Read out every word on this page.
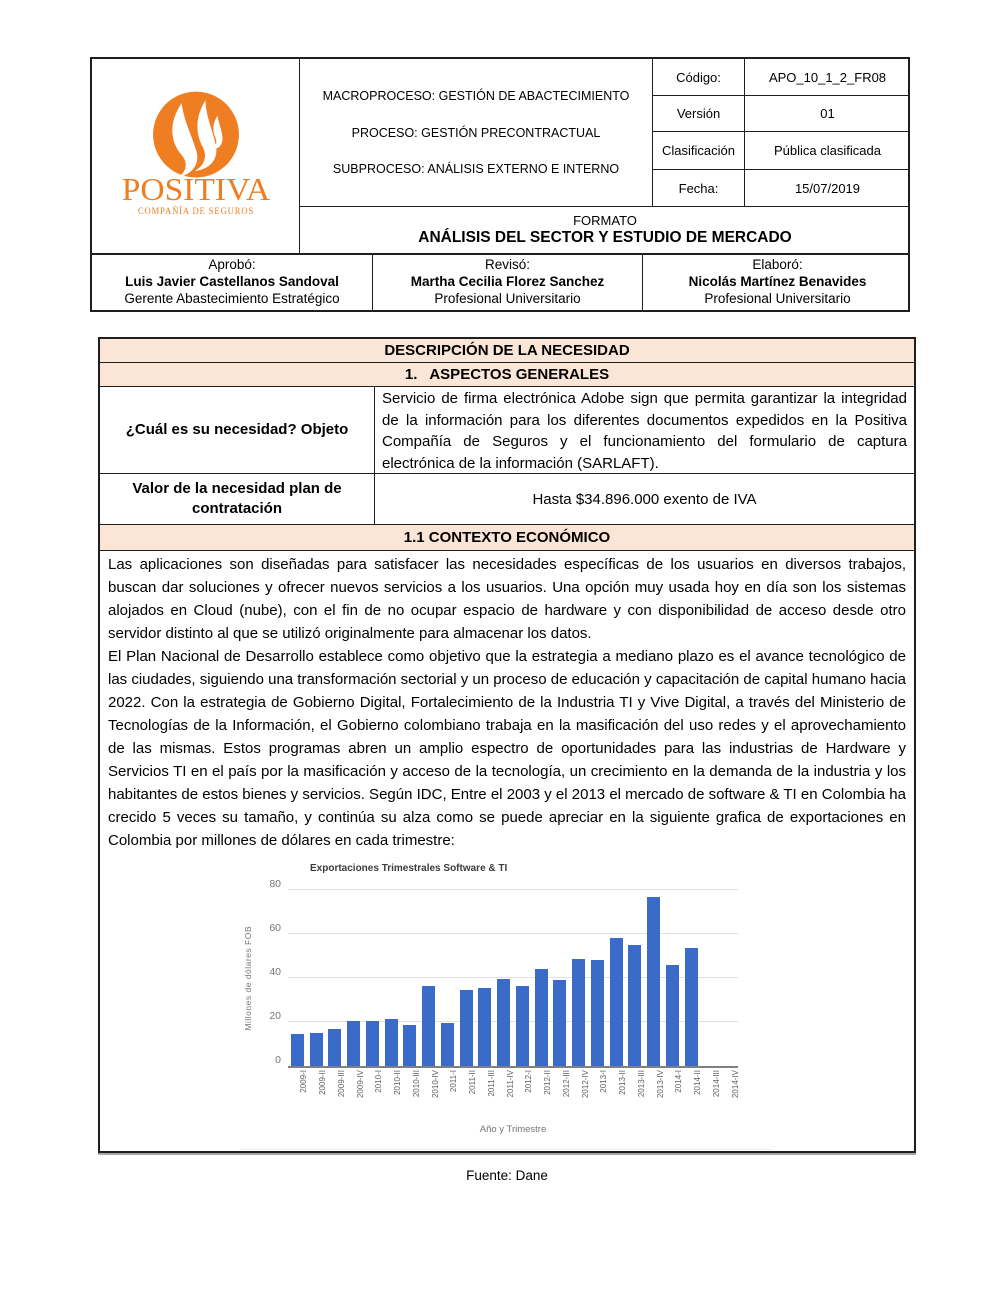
POSITIVA
COMPAÑÍA DE SEGUROS
MACROPROCESO: GESTIÓN DE ABACTECIMIENTO
PROCESO: GESTIÓN PRECONTRACTUAL
SUBPROCESO: ANÁLISIS EXTERNO E INTERNO
Código:	APO_10_1_2_FR08
Versión	01
Clasificación	Pública clasificada
Fecha:	15/07/2019
FORMATO
ANÁLISIS DEL SECTOR Y ESTUDIO DE MERCADO
Aprobó:
Luis Javier Castellanos Sandoval
Gerente Abastecimiento Estratégico
Revisó:
Martha Cecilia Florez Sanchez
Profesional Universitario
Elaboró:
Nicolás Martínez Benavides
Profesional Universitario
DESCRIPCIÓN DE LA NECESIDAD
1.   ASPECTOS GENERALES
¿Cuál es su necesidad? Objeto
Servicio de firma electrónica Adobe sign que permita garantizar la integridad de la información para los diferentes documentos expedidos en la Positiva Compañía de Seguros y el funcionamiento del formulario de captura electrónica de la información (SARLAFT).
Valor de la necesidad plan de contratación
Hasta $34.896.000 exento de IVA
1.1 CONTEXTO ECONÓMICO

Las aplicaciones son diseñadas para satisfacer las necesidades específicas de los usuarios en diversos trabajos, buscan dar soluciones y ofrecer nuevos servicios a los usuarios. Una opción muy usada hoy en día son los sistemas alojados en Cloud (nube), con el fin de no ocupar espacio de hardware y con disponibilidad de acceso desde otro servidor distinto al que se utilizó originalmente para almacenar los datos.

El Plan Nacional de Desarrollo establece como objetivo que la estrategia a mediano plazo es el avance tecnológico de las ciudades, siguiendo una transformación sectorial y un proceso de educación y capacitación de capital humano hacia 2022. Con la estrategia de Gobierno Digital, Fortalecimiento de la Industria TI y Vive Digital, a través del Ministerio de Tecnologías de la Información, el Gobierno colombiano trabaja en la masificación del uso redes y el aprovechamiento de las mismas. Estos programas abren un amplio espectro de oportunidades para las industrias de Hardware y Servicios TI en el país por la masificación y acceso de la tecnología, un crecimiento en la demanda de la industria y los habitantes de estos bienes y servicios. Según IDC, Entre el 2003 y el 2013 el mercado de software & TI en Colombia ha crecido 5 veces su tamaño, y continúa su alza como se puede apreciar en la siguiente grafica de exportaciones en Colombia por millones de dólares en cada trimestre:

Exportaciones Trimestrales Software & TI
Millones de dólares FOB
0
20
40
60
80
2009-I	2009-II	2009-III	2009-IV	2010-I	2010-II	2010-III	2010-IV	2011-I	2011-II	2011-III	2011-IV	2012-I	2012-II	2012-III	2012-IV	2013-I	2013-II	2013-III	2013-IV	2014-I	2014-II	2014-III	2014-IV
Año y Trimestre
Fuente: Dane
